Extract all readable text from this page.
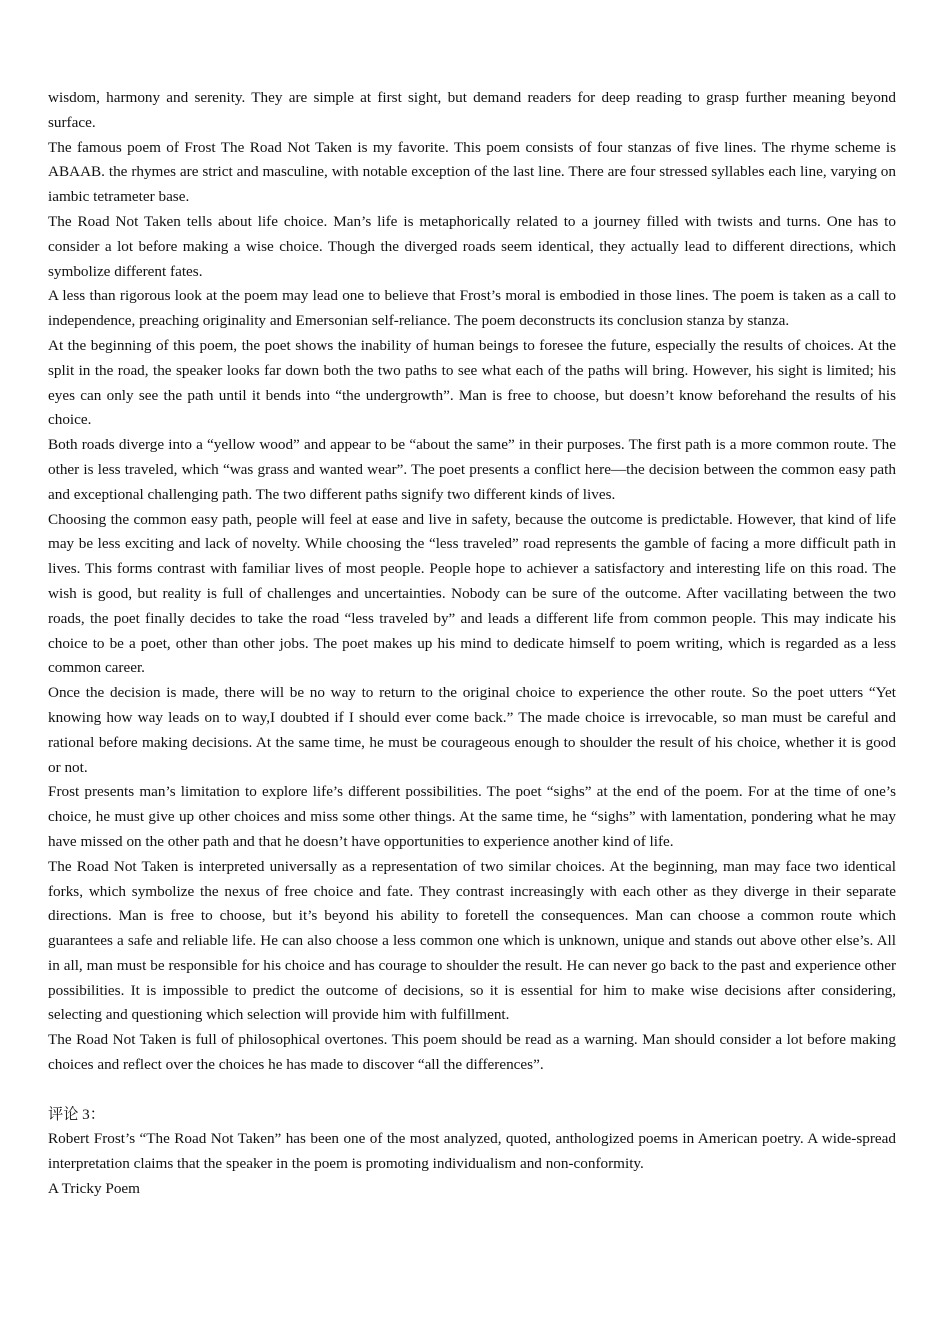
wisdom, harmony and serenity. They are simple at first sight, but demand readers for deep reading to grasp further meaning beyond surface.

The famous poem of Frost The Road Not Taken is my favorite. This poem consists of four stanzas of five lines. The rhyme scheme is ABAAB. the rhymes are strict and masculine, with notable exception of the last line. There are four stressed syllables each line, varying on iambic tetrameter base.

The Road Not Taken tells about life choice. Man’s life is metaphorically related to a journey filled with twists and turns. One has to consider a lot before making a wise choice. Though the diverged roads seem identical, they actually lead to different directions, which symbolize different fates.

A less than rigorous look at the poem may lead one to believe that Frost’s moral is embodied in those lines. The poem is taken as a call to independence, preaching originality and Emersonian self-reliance. The poem deconstructs its conclusion stanza by stanza.

At the beginning of this poem, the poet shows the inability of human beings to foresee the future, especially the results of choices. At the split in the road, the speaker looks far down both the two paths to see what each of the paths will bring. However, his sight is limited; his eyes can only see the path until it bends into “the undergrowth”. Man is free to choose, but doesn’t know beforehand the results of his choice.

Both roads diverge into a “yellow wood” and appear to be “about the same” in their purposes. The first path is a more common route. The other is less traveled, which “was grass and wanted wear”. The poet presents a conflict here—the decision between the common easy path and exceptional challenging path. The two different paths signify two different kinds of lives.

Choosing the common easy path, people will feel at ease and live in safety, because the outcome is predictable. However, that kind of life may be less exciting and lack of novelty. While choosing the “less traveled” road represents the gamble of facing a more difficult path in lives. This forms contrast with familiar lives of most people. People hope to achiever a satisfactory and interesting life on this road. The wish is good, but reality is full of challenges and uncertainties. Nobody can be sure of the outcome. After vacillating between the two roads, the poet finally decides to take the road “less traveled by” and leads a different life from common people. This may indicate his choice to be a poet, other than other jobs. The poet makes up his mind to dedicate himself to poem writing, which is regarded as a less common career.

Once the decision is made, there will be no way to return to the original choice to experience the other route. So the poet utters “Yet knowing how way leads on to way,I doubted if I should ever come back.” The made choice is irrevocable, so man must be careful and rational before making decisions. At the same time, he must be courageous enough to shoulder the result of his choice, whether it is good or not.

Frost presents man’s limitation to explore life’s different possibilities. The poet “sighs” at the end of the poem. For at the time of one’s choice, he must give up other choices and miss some other things. At the same time, he “sighs” with lamentation, pondering what he may have missed on the other path and that he doesn’t have opportunities to experience another kind of life.

The Road Not Taken is interpreted universally as a representation of two similar choices. At the beginning, man may face two identical forks, which symbolize the nexus of free choice and fate. They contrast increasingly with each other as they diverge in their separate directions. Man is free to choose, but it’s beyond his ability to foretell the consequences. Man can choose a common route which guarantees a safe and reliable life. He can also choose a less common one which is unknown, unique and stands out above other else’s. All in all, man must be responsible for his choice and has courage to shoulder the result. He can never go back to the past and experience other possibilities. It is impossible to predict the outcome of decisions, so it is essential for him to make wise decisions after considering, selecting and questioning which selection will provide him with fulfillment.

The Road Not Taken is full of philosophical overtones. This poem should be read as a warning. Man should consider a lot before making choices and reflect over the choices he has made to discover “all the differences”.

评论 3：

Robert Frost’s “The Road Not Taken” has been one of the most analyzed, quoted, anthologized poems in American poetry. A wide-spread interpretation claims that the speaker in the poem is promoting individualism and non-conformity.

A Tricky Poem
